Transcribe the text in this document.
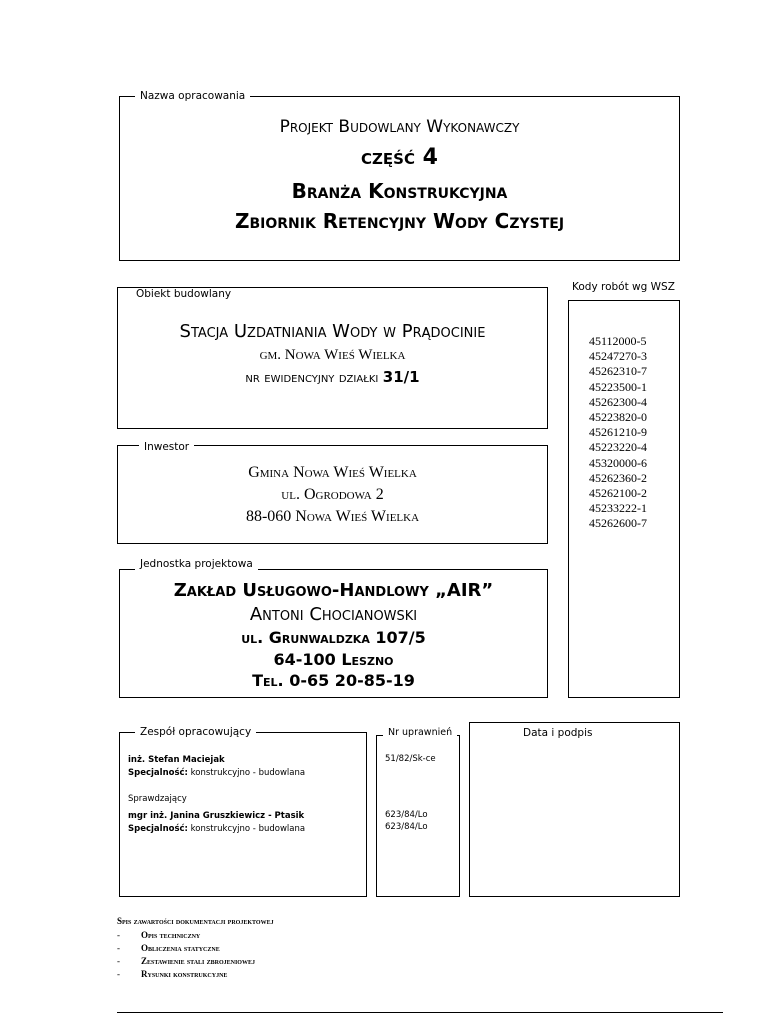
Projekt Budowlany Wykonawczy
część 4
Branża Konstrukcyjna
Zbiornik Retencyjny Wody Czystej
Nazwa opracowania
Kody robót wg WSZ
45112000-5
45247270-3
45262310-7
45223500-1
45262300-4
45223820-0
45261210-9
45223220-4
45320000-6
45262360-2
45262100-2
45233222-1
45262600-7
Stacja Uzdatniania Wody w Prądocinie
gm. Nowa Wieś Wielka
nr ewidencyjny działki 31/1
Obiekt budowlany
Gmina Nowa Wieś Wielka
ul. Ogrodowa 2
88-060 Nowa Wieś Wielka
Inwestor
Zakład Usługowo-Handlowy „AIR”
Antoni Chocianowski
ul. Grunwaldzka 107/5
64-100 Leszno
Tel. 0-65 20-85-19
Jednostka projektowa
inż. Stefan Maciejak
Specjalność: konstrukcyjno - budowlana
Sprawdzający
mgr inż. Janina Gruszkiewicz - Ptasik
Specjalność: konstrukcyjno - budowlana
Zespół opracowujący
51/82/Sk-ce
623/84/Lo
623/84/Lo
Nr uprawnień	Data i podpis
Spis zawartości dokumentacji projektowej
- Opis techniczny
- Obliczenia statyczne
- Zestawienie stali zbrojeniowej
- Rysunki konstrukcyjne
